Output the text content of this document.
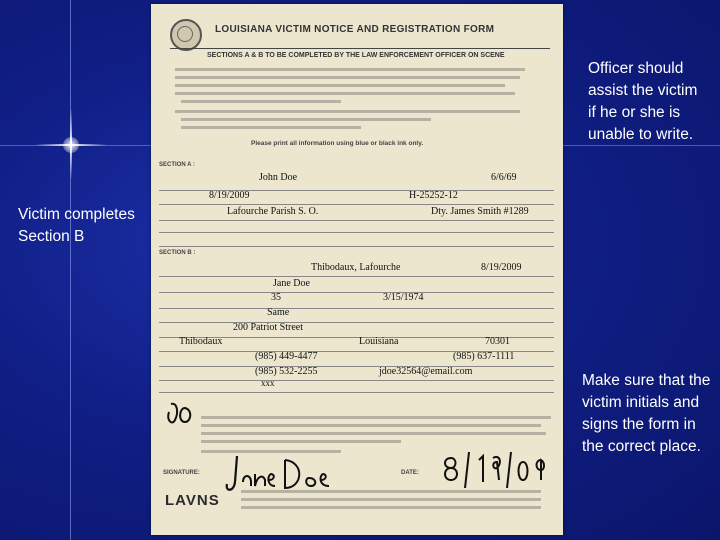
LOUISIANA VICTIM NOTICE AND REGISTRATION FORM
SECTIONS A & B TO BE COMPLETED BY THE LAW ENFORCEMENT OFFICER ON SCENE
Please print all information using blue or black ink only.
SECTION A :
John Doe	6/6/69
8/19/2009	H-25252-12
Lafourche Parish S. O.	Dty. James Smith #1289
SECTION B :
Thibodaux, Lafourche	8/19/2009
Jane Doe
35	3/15/1974
Same
200 Patriot Street
Thibodaux	Louisiana	70301
(985) 449-4477	(985) 637-1111
(985) 532-2255	jdoe32564@email.com
xxx
SIGNATURE:	DATE:
LAVNS
Victim completes Section B
Officer should assist the victim if he or she is unable to write.
Make sure that the victim initials and signs the form in the correct place.
